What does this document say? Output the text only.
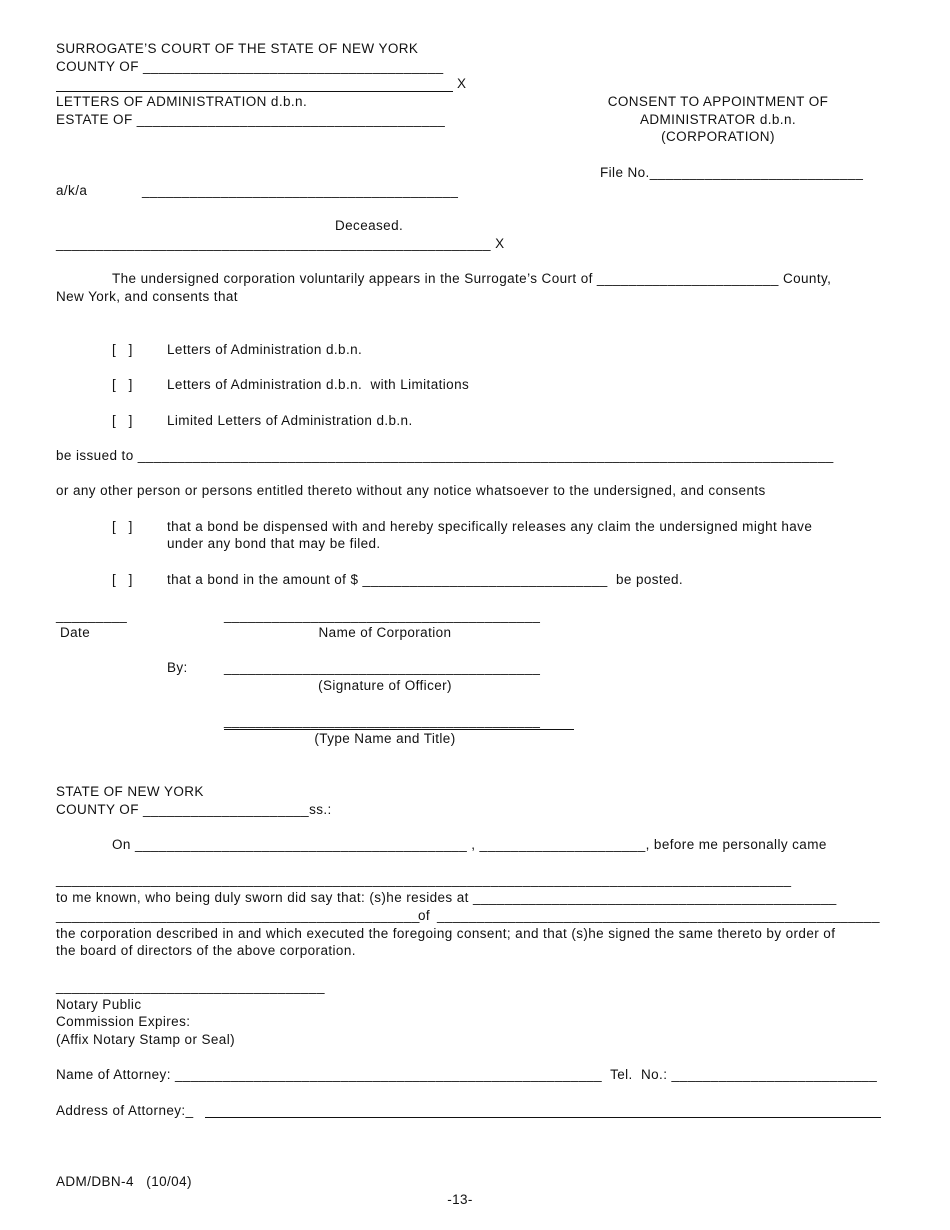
SURROGATE’S COURT OF THE STATE OF NEW YORK
COUNTY OF ______________________________________
X
LETTERS OF ADMINISTRATION d.b.n.
ESTATE OF _______________________________________
a/k/a	________________________________________
Deceased.
_______________________________________________________ X
CONSENT TO APPOINTMENT OF
ADMINISTRATOR d.b.n.
(CORPORATION)
File No.___________________________
The undersigned corporation voluntarily appears in the Surrogate’s Court of _______________________ County,
New York, and consents that
[   ]	Letters of Administration d.b.n.
[   ]	Letters of Administration d.b.n.  with Limitations
[   ]	Limited Letters of Administration d.b.n.
be issued to ________________________________________________________________________________________
or any other person or persons entitled thereto without any notice whatsoever to the undersigned, and consents
[   ]	that a bond be dispensed with and hereby specifically releases any claim the undersigned might have
under any bond that may be filed.
[   ]	that a bond in the amount of $ _______________________________  be posted.
_________
Date
________________________________________
Name of Corporation
By:	________________________________________
(Signature of Officer)
________________________________________
(Type Name and Title)
STATE OF NEW YORK
COUNTY OF _____________________ss.:
On __________________________________________ , _____________________, before me personally came
_____________________________________________________________________________________________
to me known, who being duly sworn did say that: (s)he resides at ______________________________________________
______________________________________________
of ________________________________________________________
the corporation described in and which executed the foregoing consent; and that (s)he signed the same thereto by order of
the board of directors of the above corporation.
__________________________________
Notary Public
Commission Expires:
(Affix Notary Stamp or Seal)
Name of Attorney: ______________________________________________________  Tel.  No.: __________________________
Address of Attorney:_
ADM/DBN-4   (10/04)
-13-
